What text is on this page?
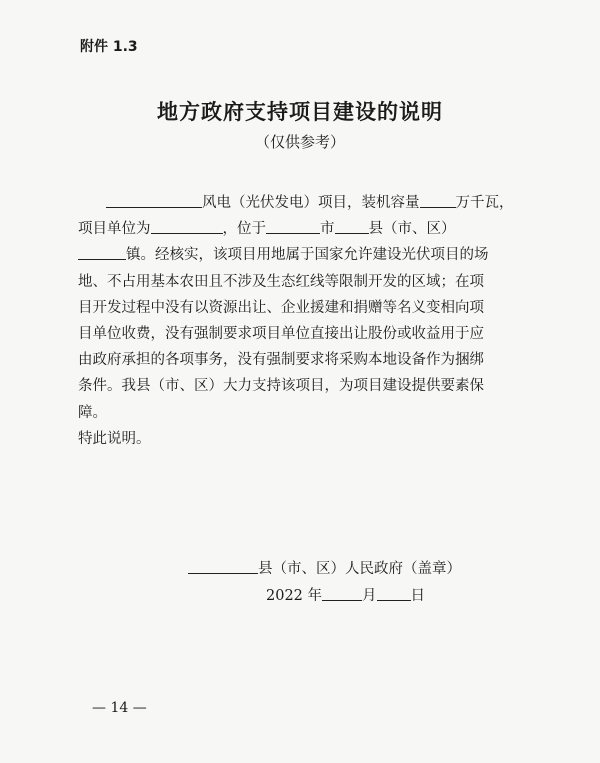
附件 1.3
地方政府支持项目建设的说明
（仅供参考）
风电（光伏发电）项目，装机容量 万千瓦，
项目单位为	，位于	市 县（市、区）
镇。经核实，该项目用地属于国家允许建设光伏项目的场
地、不占用基本农田且不涉及生态红线等限制开发的区域；在项
目开发过程中没有以资源出让、企业援建和捐赠等名义变相向项
目单位收费，没有强制要求项目单位直接出让股份或收益用于应
由政府承担的各项事务，没有强制要求将采购本地设备作为捆绑
条件。我县（市、区）大力支持该项目，为项目建设提供要素保
障。
特此说明。
县（市、区）人民政府（盖章）
2022 年	月 日
— 14 —
